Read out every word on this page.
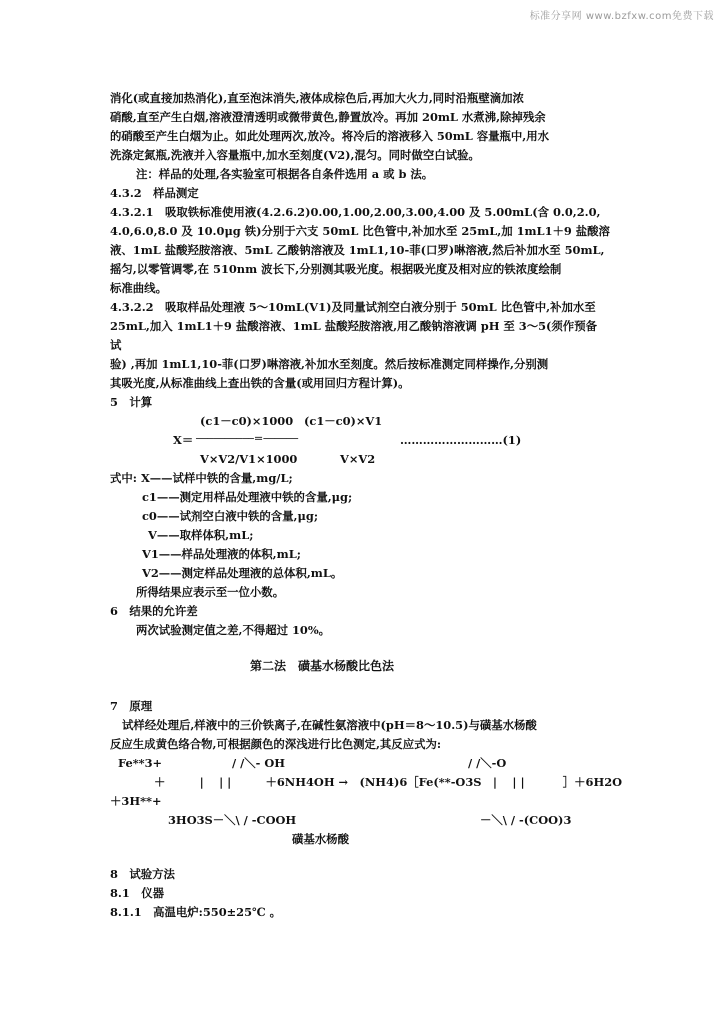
标准分享网 www.bzfxw.com免费下载
消化(或直接加热消化),直至泡沫消失,液体成棕色后,再加大火力,同时沿瓶壁滴加浓
硝酸,直至产生白烟,溶液澄清透明或微带黄色,静置放冷。再加 20mL 水煮沸,除掉残余
的硝酸至产生白烟为止。如此处理两次,放冷。将冷后的溶液移入 50mL 容量瓶中,用水
洗涤定氮瓶,洗液并入容量瓶中,加水至刻度(V2),混匀。同时做空白试验。
注：样品的处理,各实验室可根据各自条件选用 a 或 b 法。
4.3.2　样品测定
4.3.2.1　吸取铁标准使用液(4.2.6.2)0.00,1.00,2.00,3.00,4.00 及 5.00mL(含 0.0,2.0,
4.0,6.0,8.0 及 10.0μg 铁)分别于六支 50mL 比色管中,补加水至 25mL,加 1mL1＋9 盐酸溶
液、1mL 盐酸羟胺溶液、5mL 乙酸钠溶液及 1mL1,10-菲(口罗)啉溶液,然后补加水至 50mL,
摇匀,以零管调零,在 510nm 波长下,分别测其吸光度。根据吸光度及相对应的铁浓度绘制
标准曲线。
4.3.2.2　吸取样品处理液 5～10mL(V1)及同量试剂空白液分别于 50mL 比色管中,补加水至
25mL,加入 1mL1＋9 盐酸溶液、1mL 盐酸羟胺溶液,用乙酸钠溶液调 pH 至 3～5(须作预备
试
验) ,再加 1mL1,10-菲(口罗)啉溶液,补加水至刻度。然后按标准测定同样操作,分别测
其吸光度,从标准曲线上查出铁的含量(或用回归方程计算)。
5　计算
(c1－c0)×1000 (c1－c0)×V1
X＝ ──────────＝──────	………………………(1)
V×V2/V1×1000	V×V2
式中: X——试样中铁的含量,mg/L;
c1——测定用样品处理液中铁的含量,μg;
c0——试剂空白液中铁的含量,μg;
V——取样体积,mL;
V1——样品处理液的体积,mL;
V2——测定样品处理液的总体积,mL。
所得结果应表示至一位小数。
6　结果的允许差
两次试验测定值之差,不得超过 10%。
第二法　磺基水杨酸比色法
7　原理
试样经处理后,样液中的三价铁离子,在碱性氨溶液中(pH＝8～10.5)与磺基水杨酸
反应生成黄色络合物,可根据颜色的深浅进行比色测定,其反应式为:
Fe**3+	/ /＼- OH	/ /＼-O
＋　　　|　 | |　　　＋6NH4OH →　(NH4)6［Fe(**-O3S　|　 | |　　　 ］＋6H2O
＋3H**+
3HO3S－＼\ / -COOH	－＼\ / -(COO)3
磺基水杨酸
8　试验方法
8.1　仪器
8.1.1　高温电炉:550±25℃ 。
